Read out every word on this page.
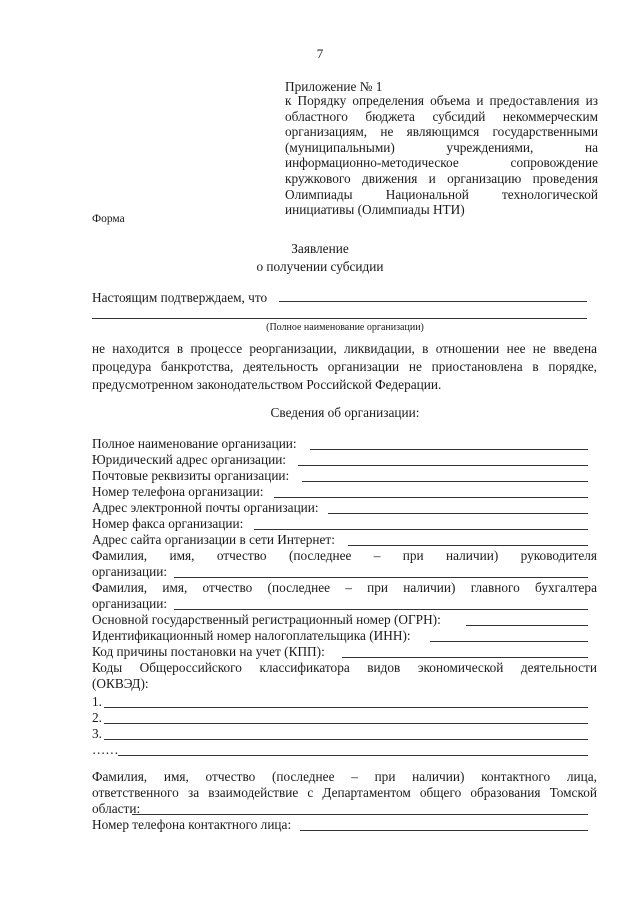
7
Приложение № 1
к Порядку определения объема и предоставления из областного бюджета субсидий некоммерческим организациям, не являющимся государственными (муниципальными) учреждениями, на информационно-методическое сопровождение кружкового движения и организацию проведения Олимпиады Национальной технологической инициативы (Олимпиады НТИ)
Форма
Заявление
о получении субсидии
Настоящим подтверждаем, что
(Полное наименование организации)
не находится в процессе реорганизации, ликвидации, в отношении нее не введена процедура банкротства, деятельность организации не приостановлена в порядке, предусмотренном законодательством Российской Федерации.
Сведения об организации:
Полное наименование организации:
Юридический адрес организации:
Почтовые реквизиты организации:
Номер телефона организации:
Адрес электронной почты организации:
Номер факса организации:
Адрес сайта организации в сети Интернет:
Фамилия, имя, отчество (последнее – при наличии) руководителя
организации:
Фамилия, имя, отчество (последнее – при наличии) главного бухгалтера
организации:
Основной государственный регистрационный номер (ОГРН):
Идентификационный номер налогоплательщика (ИНН):
Код причины постановки на учет (КПП):
Коды Общероссийского классификатора видов экономической деятельности
(ОКВЭД):
1.
2.
3.
……
Фамилия, имя, отчество (последнее – при наличии) контактного лица,
ответственного за взаимодействие с Департаментом общего образования Томской
области:
Номер телефона контактного лица:
